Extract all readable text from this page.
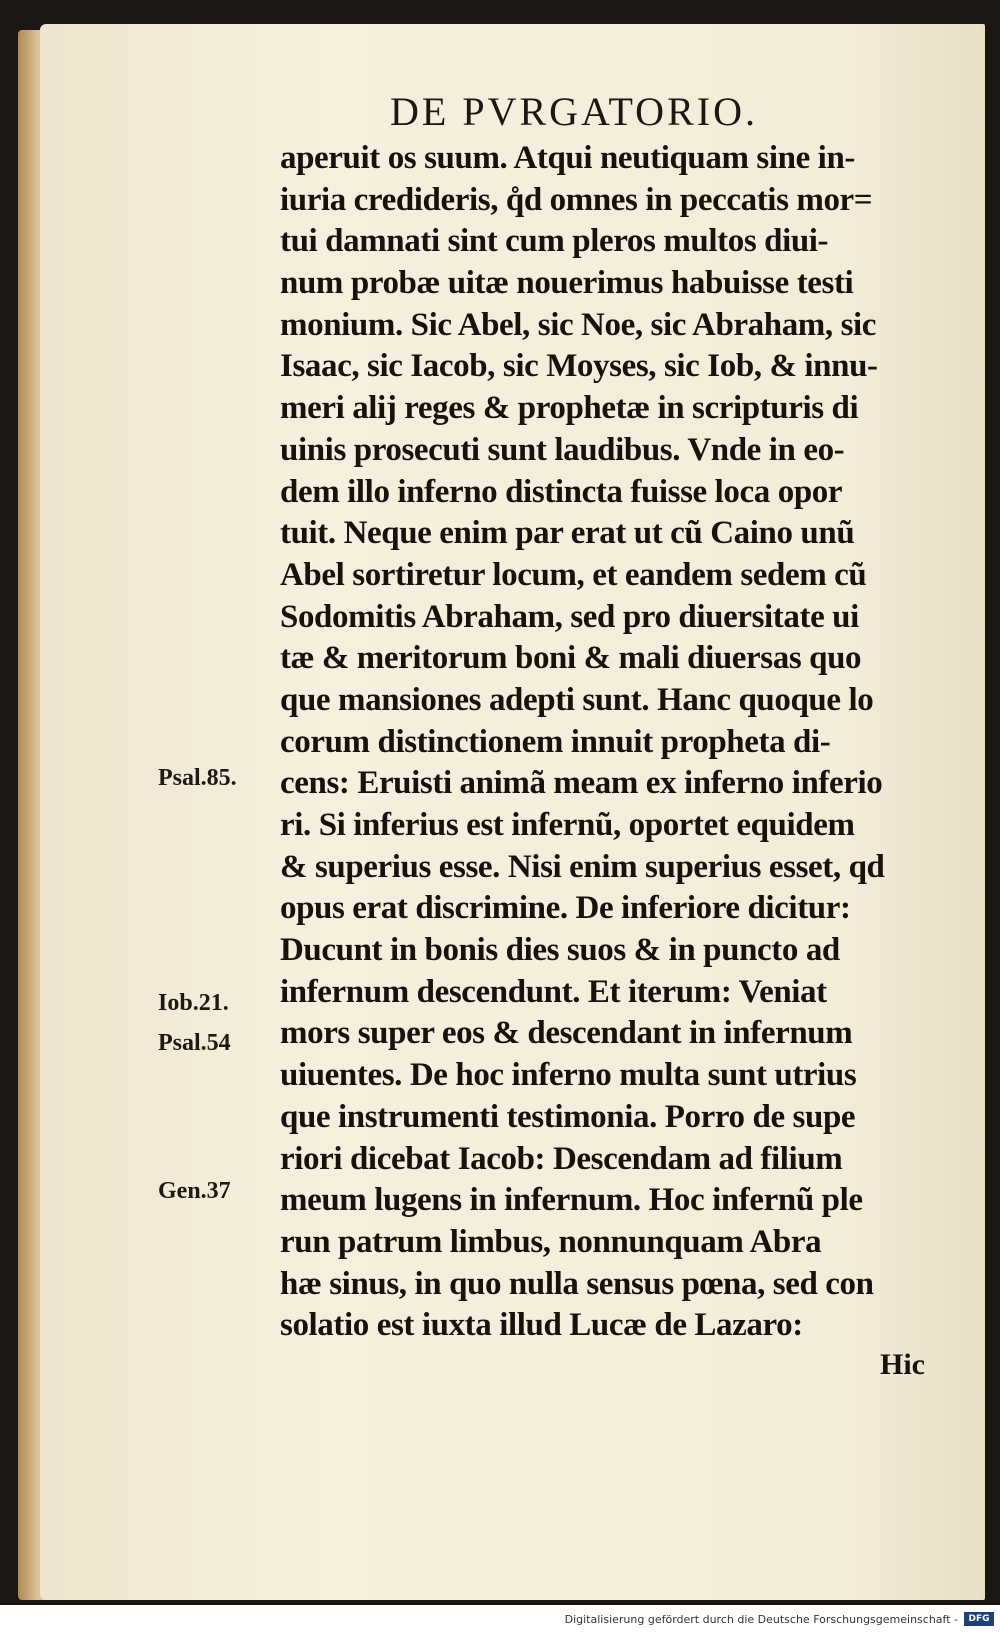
DE PVRGATORIO.
aperuit os suum. Atqui neutiquam sine in-
iuria credideris, q̊d omnes in peccatis mor=
tui damnati sint cum pleros multos diui-
num probæ uitæ nouerimus habuisse testi
monium. Sic Abel, sic Noe, sic Abraham, sic
Isaac, sic Iacob, sic Moyses, sic Iob, & innu-
meri alij reges & prophetæ in scripturis di
uinis prosecuti sunt laudibus. Vnde in eo-
dem illo inferno distincta fuisse loca opor
tuit. Neque enim par erat ut cũ Caino unũ
Abel sortiretur locum, et eandem sedem cũ
Sodomitis Abraham, sed pro diuersitate ui
tæ & meritorum boni & mali diuersas quo
que mansiones adepti sunt. Hanc quoque lo
corum distinctionem innuit propheta di-
cens: Eruisti animã meam ex inferno inferio
ri. Si inferius est infernũ, oportet equidem
& superius esse. Nisi enim superius esset, qd
opus erat discrimine. De inferiore dicitur:
Ducunt in bonis dies suos & in puncto ad
infernum descendunt. Et iterum: Veniat
mors super eos & descendant in infernum
uiuentes. De hoc inferno multa sunt utrius
que instrumenti testimonia. Porro de supe
riori dicebat Iacob: Descendam ad filium
meum lugens in infernum. Hoc infernũ ple
run patrum limbus, nonnunquam Abra
hæ sinus, in quo nulla sensus pœna, sed con
solatio est iuxta illud Lucæ de Lazaro:
Hic
Psal.85.
Iob.21.
Psal.54
Gen.37
Digitalisierung gefördert durch die Deutsche Forschungsgemeinschaft -	DFG
